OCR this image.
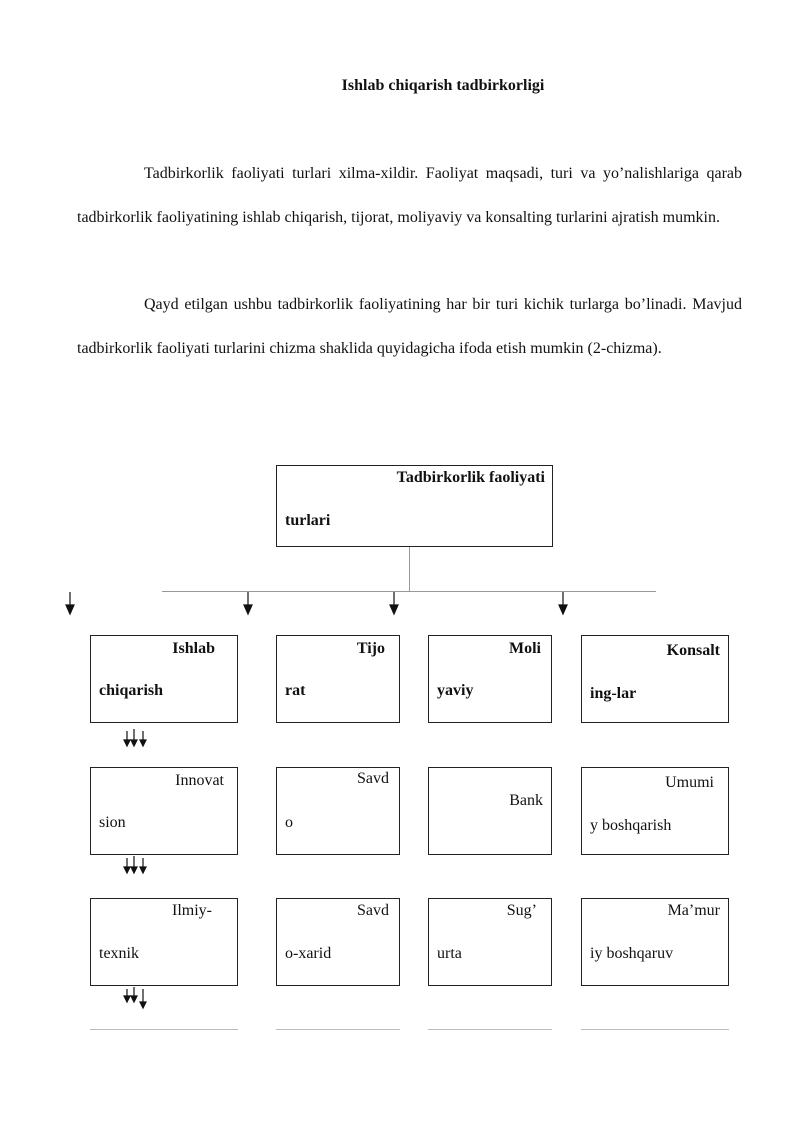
Ishlab chiqarish tadbirkorligi
Tadbirkorlik faoliyati turlari xilma-xildir. Faoliyat maqsadi, turi va yo’nalishlariga qarab tadbirkorlik faoliyatining ishlab chiqarish, tijorat, moliyaviy va konsalting turlarini ajratish mumkin.
Qayd etilgan ushbu tadbirkorlik faoliyatining har bir turi kichik turlarga bo’linadi. Mavjud tadbirkorlik faoliyati turlarini chizma shaklida quyidagicha ifoda etish mumkin (2-chizma).
Tadbirkorlik faoliyati
turlari
Ishlab
chiqarish
Tijo
rat
Moli
yaviy
Konsalt
ing-lar
Innovat
sion
Savd
o
Bank
Umumi
y boshqarish
Ilmiy-
texnik
Savd
o-xarid
Sug’
urta
Ma’mur
iy boshqaruv
